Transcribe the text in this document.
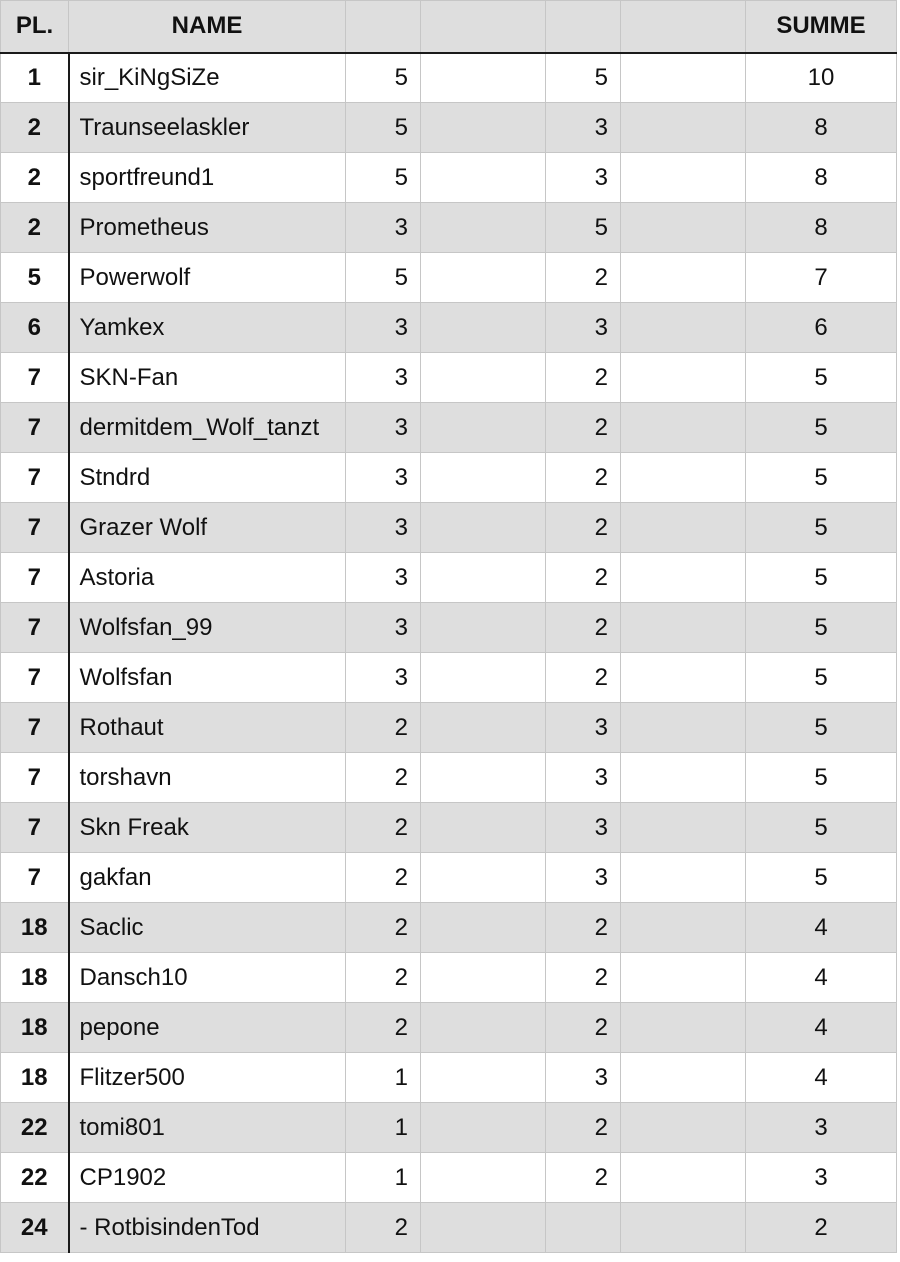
PL.	NAME					SUMME
1	sir_KiNgSiZe	5		5		10
2	Traunseelaskler	5		3		8
2	sportfreund1	5		3		8
2	Prometheus	3		5		8
5	Powerwolf	5		2		7
6	Yamkex	3		3		6
7	SKN-Fan	3		2		5
7	dermitdem_Wolf_tanzt	3		2		5
7	Stndrd	3		2		5
7	Grazer Wolf	3		2		5
7	Astoria	3		2		5
7	Wolfsfan_99	3		2		5
7	Wolfsfan	3		2		5
7	Rothaut	2		3		5
7	torshavn	2		3		5
7	Skn Freak	2		3		5
7	gakfan	2		3		5
18	Saclic	2		2		4
18	Dansch10	2		2		4
18	pepone	2		2		4
18	Flitzer500	1		3		4
22	tomi801	1		2		3
22	CP1902	1		2		3
24	- RotbisindenTod	2				2
